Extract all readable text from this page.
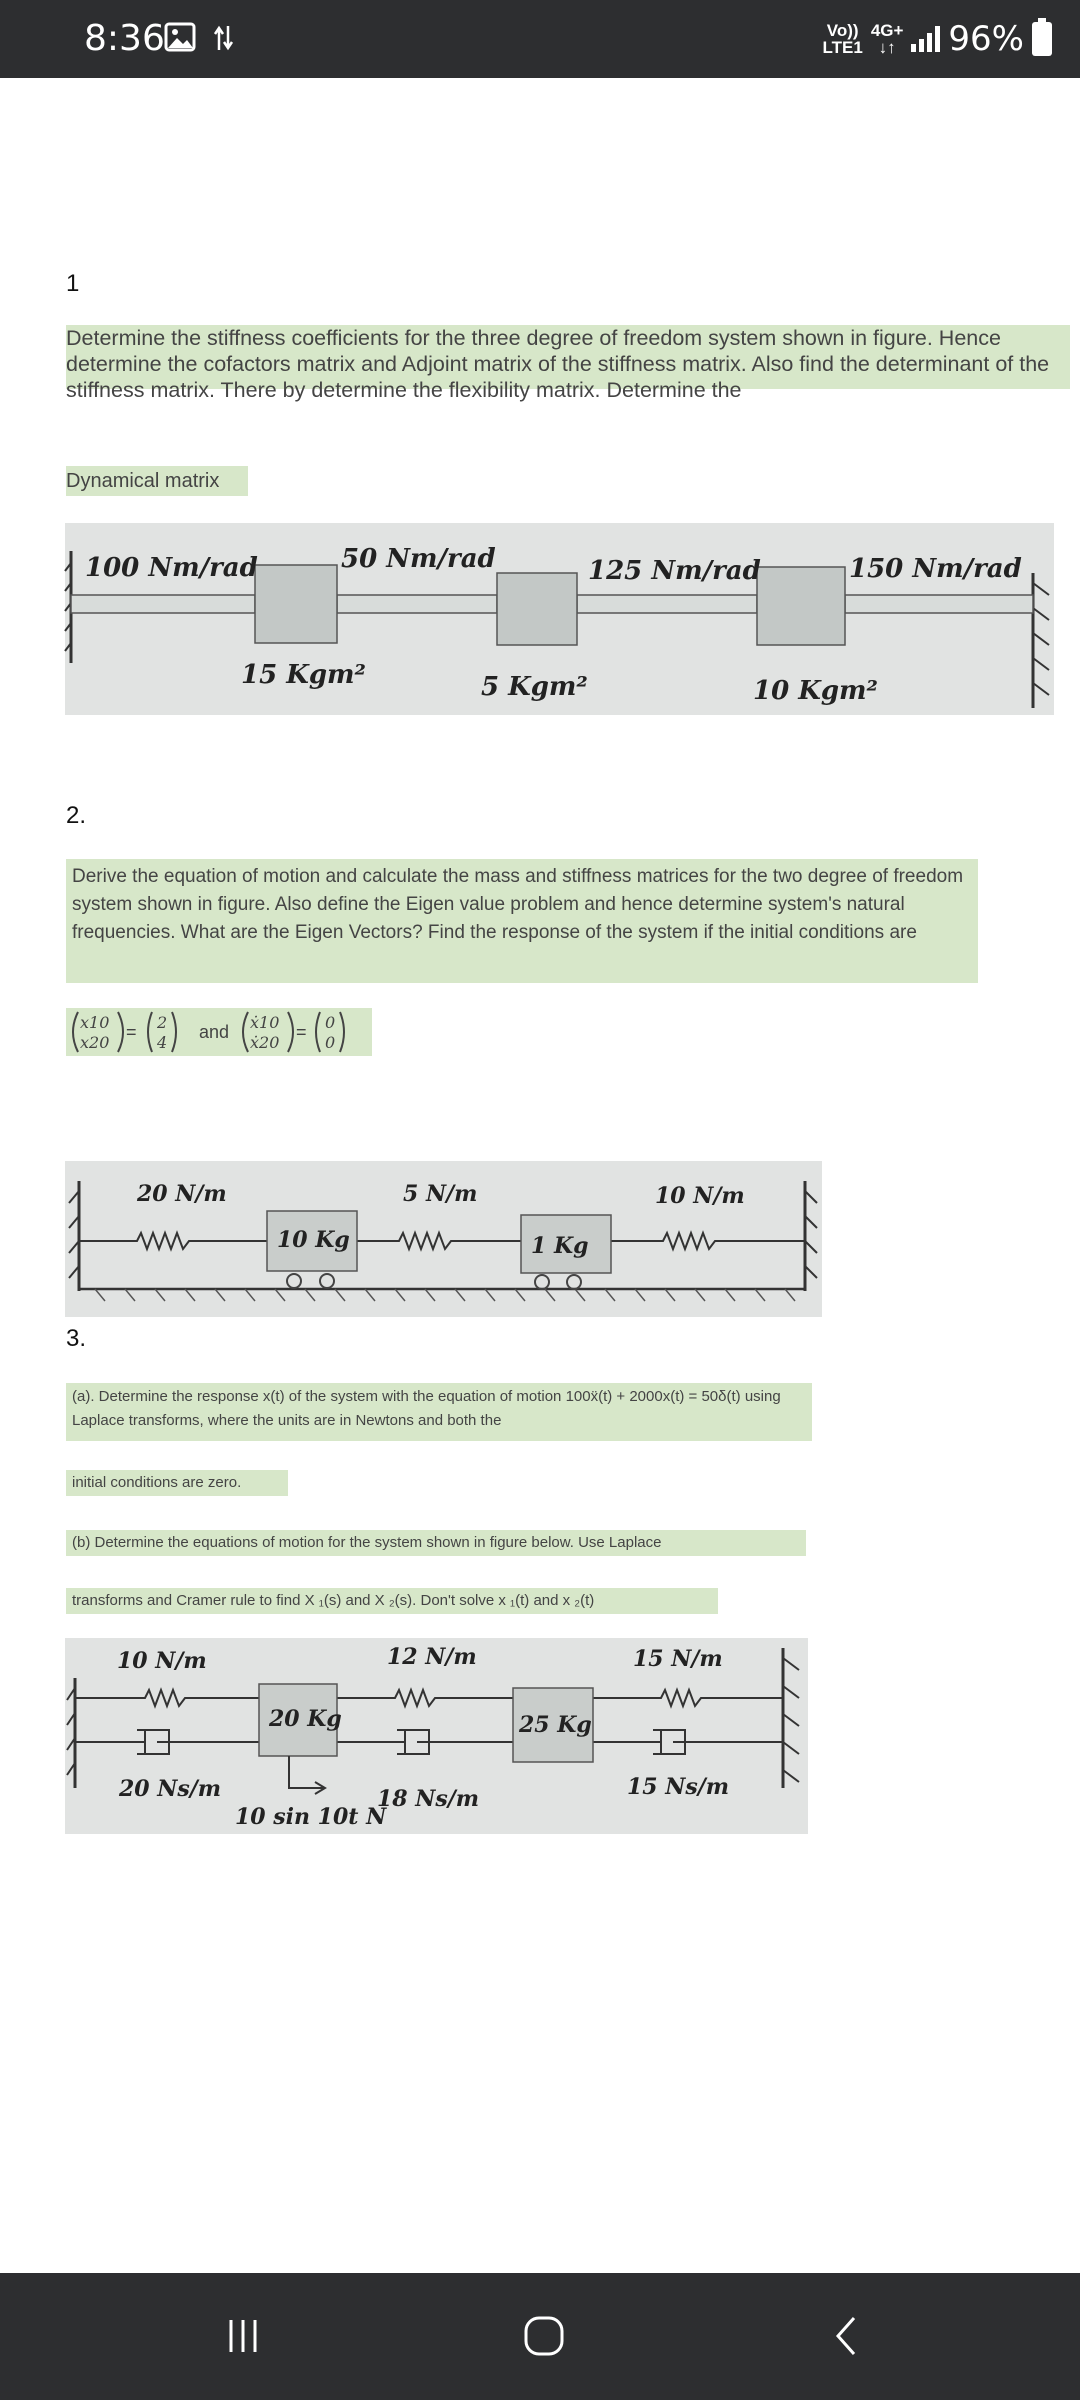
8:36	Vo))
LTE1
4G+
↓↑ 96%
1
Determine the stiffness coefficients for the three degree of freedom system shown in figure. Hence determine the cofactors matrix and Adjoint matrix of the stiffness matrix. Also find the determinant of the stiffness matrix. There by determine the flexibility matrix. Determine the
Dynamical matrix
100 Nm/rad	50 Nm/rad	125 Nm/rad	150 Nm/rad
15 Kgm²	5 Kgm²	10 Kgm²
2.
Derive the equation of motion and calculate the mass and stiffness matrices for the two degree of freedom system shown in figure. Also define the Eigen value problem and hence determine system's natural frequencies. What are the Eigen Vectors? Find the response of the system if the initial conditions are
x10
x20
ẋ10
ẋ20
2
4
0
0
=	=
and
20 N/m	5 N/m	10 N/m
10 Kg	1 Kg
3.
(a). Determine the response x(t) of the system with the equation of motion 100ẍ(t) + 2000x(t) = 50δ(t) using Laplace transforms, where the units are in Newtons and both the
initial conditions are zero.
(b) Determine the equations of motion for the system shown in figure below. Use Laplace
transforms and Cramer rule to find X ₁(s) and X ₂(s). Don't solve x ₁(t) and x ₂(t)
10 N/m	12 N/m	15 N/m
20 Kg	25 Kg
20 Ns/m	18 Ns/m	15 Ns/m
10 sin 10t N
